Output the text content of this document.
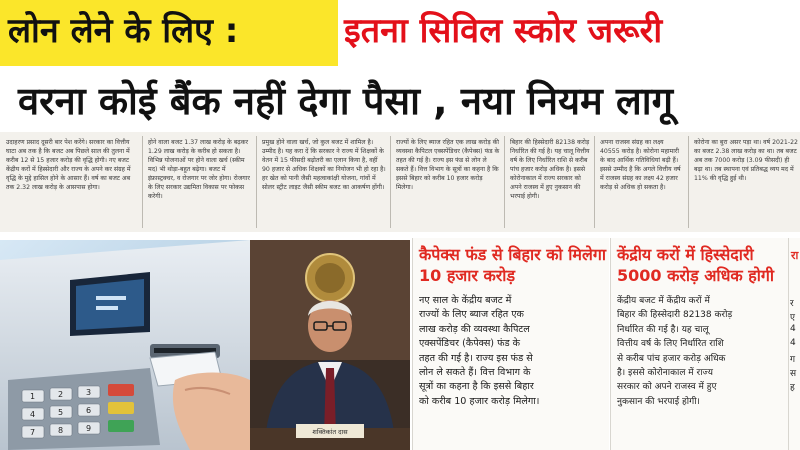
लोन लेने के लिए :	इतना सिविल स्कोर जरूरी
वरना कोई बैंक नहीं देगा पैसा , नया नियम लागू
उदाहरण प्रसाद दूसरी बार पेश करेंगे। सरकार का वित्तीय घाटा अब तक है कि बजट अब पिछले साल की तुलना में करीब 12 से 15 हजार करोड़ की वृद्धि होगी। नए बजट केंद्रीय करों में हिस्सेदारी और राज्य के अपने कर संग्रह में वृद्धि के मुद्दे हासिल होने के आसार हैं। वर्ष का बजट अब तक 2.32 लाख करोड़ के आसपास होगा।
होने वाला बजट 1.37 लाख करोड़ के बढ़कर 1.29 लाख करोड़ के करीब हो सकता है। विभिन्न योजनाओं पर होने वाला खर्च (स्कीम मद) भी थोड़ा-बहुत बढ़ेगा। बजट में इंफ्रास्ट्रक्चर, व रोजगार पर जोर होगा। रोजगार के लिए सरकार उद्यमिता विकास पर फोकस करेगी।
प्रमुख होने वाला खर्च, जो कुल बजट में शामिल है। उम्मीद है। यह करा दें कि सरकार ने राज्य में शिक्षकों के वेतन में 15 फीसदी बढ़ोतरी का एलान किया है, वहीं 90 हजार से अधिक शिक्षकों का नियोजन भी हो रहा है। हर खेत को पानी जैसी महत्वाकांक्षी योजना, गांवों में सोलर स्ट्रीट लाइट जैसी स्कीम बजट का आकर्षण होंगी।
राज्यों के लिए ब्याज रहित एक लाख करोड़ की व्यवस्था कैपिटल एक्सपेंडिचर (कैपेक्स) फंड के तहत की गई है। राज्य इस फंड से लोन ले सकते हैं। वित्त विभाग के सूत्रों का कहना है कि इससे बिहार को करीब 10 हजार करोड़ मिलेगा।
बिहार की हिस्सेदारी 82138 करोड़ निर्धारित की गई है। यह चालू वित्तीय वर्ष के लिए निर्धारित राशि से करीब पांच हजार करोड़ अधिक है। इससे कोरोनाकाल में राज्य सरकार को अपने राजस्व में हुए नुकसान की भरपाई होगी।
अपना राजस्व संग्रह का लक्ष्य 40555 करोड़ है। कोरोना महामारी के बाद आर्थिक गतिविधियां बढ़ी हैं। इससे उम्मीद है कि अगले वित्तीय वर्ष में राजस्व संग्रह का लक्ष्य 42 हजार करोड़ से अधिक हो सकता है।
कोरोना का बुरा असर पड़ा था। वर्ष 2021-22 का बजट 2.38 लाख करोड़ का था। तब बजट अब तक 7000 करोड़ (3.09 फीसदी) ही बढ़ा था। तब स्थापना एवं प्रतिबद्ध व्यय मद में 11% की वृद्धि हुई थी।
1	2	3
4	5	6
7	8	9	शक्तिकांत दास
कैपेक्स फंड से बिहार को मिलेगा 10 हजार करोड़
नए साल के केंद्रीय बजट में
राज्यों के लिए ब्याज रहित एक
लाख करोड़ की व्यवस्था कैपिटल
एक्सपेंडिचर (कैपेक्स) फंड के
तहत की गई है। राज्य इस फंड से
लोन ले सकते हैं। वित्त विभाग के
सूत्रों का कहना है कि इससे बिहार
को करीब 10 हजार करोड़ मिलेगा।
केंद्रीय करों में हिस्सेदारी 5000 करोड़ अधिक होगी
केंद्रीय बजट में केंद्रीय करों में
बिहार की हिस्सेदारी 82138 करोड़
निर्धारित की गई है। यह चालू
वित्तीय वर्ष के लिए निर्धारित राशि
से करीब पांच हजार करोड़ अधिक
है। इससे कोरोनाकाल में राज्य
सरकार को अपने राजस्व में हुए
नुकसान की भरपाई होगी।
रा
र
ए
4
4
ग
स
ह
